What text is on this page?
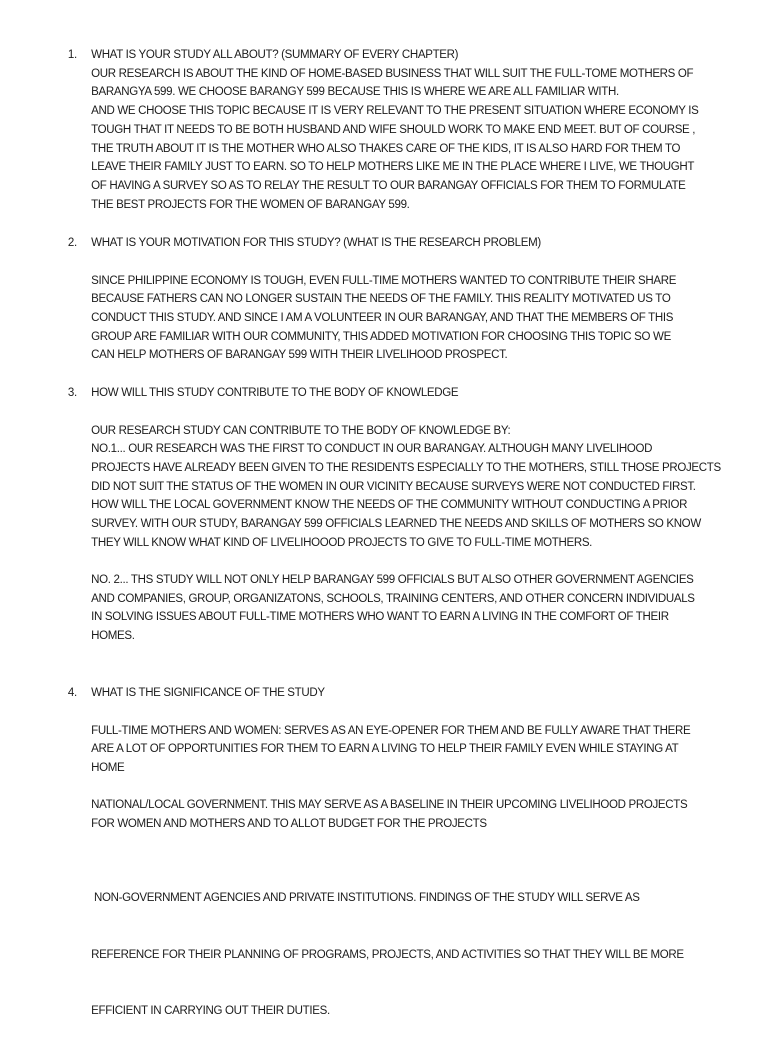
1. WHAT IS YOUR STUDY ALL ABOUT? (SUMMARY OF EVERY CHAPTER)
OUR RESEARCH IS ABOUT THE KIND OF HOME-BASED BUSINESS THAT WILL SUIT THE FULL-TOME MOTHERS OF
BARANGYA 599. WE CHOOSE BARANGY 599 BECAUSE THIS IS WHERE WE ARE ALL FAMILIAR WITH.
AND WE CHOOSE THIS TOPIC BECAUSE IT IS VERY RELEVANT TO THE PRESENT SITUATION WHERE ECONOMY IS
TOUGH THAT IT NEEDS TO BE BOTH HUSBAND AND WIFE SHOULD WORK TO MAKE END MEET. BUT OF COURSE ,
THE TRUTH ABOUT IT IS THE MOTHER WHO ALSO THAKES CARE OF THE KIDS, IT IS ALSO HARD FOR THEM TO
LEAVE THEIR FAMILY JUST TO EARN. SO TO HELP MOTHERS LIKE ME IN THE PLACE WHERE I LIVE, WE THOUGHT
OF HAVING A SURVEY SO AS TO RELAY THE RESULT TO OUR BARANGAY OFFICIALS FOR THEM TO FORMULATE
THE BEST PROJECTS FOR THE WOMEN OF BARANGAY 599.
2. WHAT IS YOUR MOTIVATION FOR THIS STUDY? (WHAT IS THE RESEARCH PROBLEM)
SINCE PHILIPPINE ECONOMY IS TOUGH, EVEN FULL-TIME MOTHERS WANTED TO CONTRIBUTE THEIR SHARE
BECAUSE FATHERS CAN NO LONGER SUSTAIN THE NEEDS OF THE FAMILY. THIS REALITY MOTIVATED US TO
CONDUCT THIS STUDY. AND SINCE I AM A VOLUNTEER IN OUR BARANGAY, AND THAT THE MEMBERS OF THIS
GROUP ARE FAMILIAR WITH OUR COMMUNITY, THIS ADDED MOTIVATION FOR CHOOSING THIS TOPIC SO WE
CAN HELP MOTHERS OF BARANGAY 599 WITH THEIR LIVELIHOOD PROSPECT.
3. HOW WILL THIS STUDY CONTRIBUTE TO THE BODY OF KNOWLEDGE
OUR RESEARCH STUDY CAN CONTRIBUTE TO THE BODY OF KNOWLEDGE BY:
NO.1... OUR RESEARCH WAS THE FIRST TO CONDUCT IN OUR BARANGAY. ALTHOUGH MANY LIVELIHOOD
PROJECTS HAVE ALREADY BEEN GIVEN TO THE RESIDENTS ESPECIALLY TO THE MOTHERS, STILL THOSE PROJECTS
DID NOT SUIT THE STATUS OF THE WOMEN IN OUR VICINITY BECAUSE SURVEYS WERE NOT CONDUCTED FIRST.
HOW WILL THE LOCAL GOVERNMENT KNOW THE NEEDS OF THE COMMUNITY WITHOUT CONDUCTING A PRIOR
SURVEY. WITH OUR STUDY, BARANGAY 599 OFFICIALS LEARNED THE NEEDS AND SKILLS OF MOTHERS SO KNOW
THEY WILL KNOW WHAT KIND OF LIVELIHOOOD PROJECTS TO GIVE TO FULL-TIME MOTHERS.
NO. 2... THS STUDY WILL NOT ONLY HELP BARANGAY 599 OFFICIALS BUT ALSO OTHER GOVERNMENT AGENCIES
AND COMPANIES, GROUP, ORGANIZATONS, SCHOOLS, TRAINING CENTERS, AND OTHER CONCERN INDIVIDUALS
IN SOLVING ISSUES ABOUT FULL-TIME MOTHERS WHO WANT TO EARN A LIVING IN THE COMFORT OF THEIR
HOMES.
4. WHAT IS THE SIGNIFICANCE OF THE STUDY
FULL-TIME MOTHERS AND WOMEN: SERVES AS AN EYE-OPENER FOR THEM AND BE FULLY AWARE THAT THERE
ARE A LOT OF OPPORTUNITIES FOR THEM TO EARN A LIVING TO HELP THEIR FAMILY EVEN WHILE STAYING AT
HOME
NATIONAL/LOCAL GOVERNMENT. THIS MAY SERVE AS A BASELINE IN THEIR UPCOMING LIVELIHOOD PROJECTS
FOR WOMEN AND MOTHERS AND TO ALLOT BUDGET FOR THE PROJECTS

NON-GOVERNMENT AGENCIES AND PRIVATE INSTITUTIONS. FINDINGS OF THE STUDY WILL SERVE AS

REFERENCE FOR THEIR PLANNING OF PROGRAMS, PROJECTS, AND ACTIVITIES SO THAT THEY WILL BE MORE

EFFICIENT IN CARRYING OUT THEIR DUTIES.
